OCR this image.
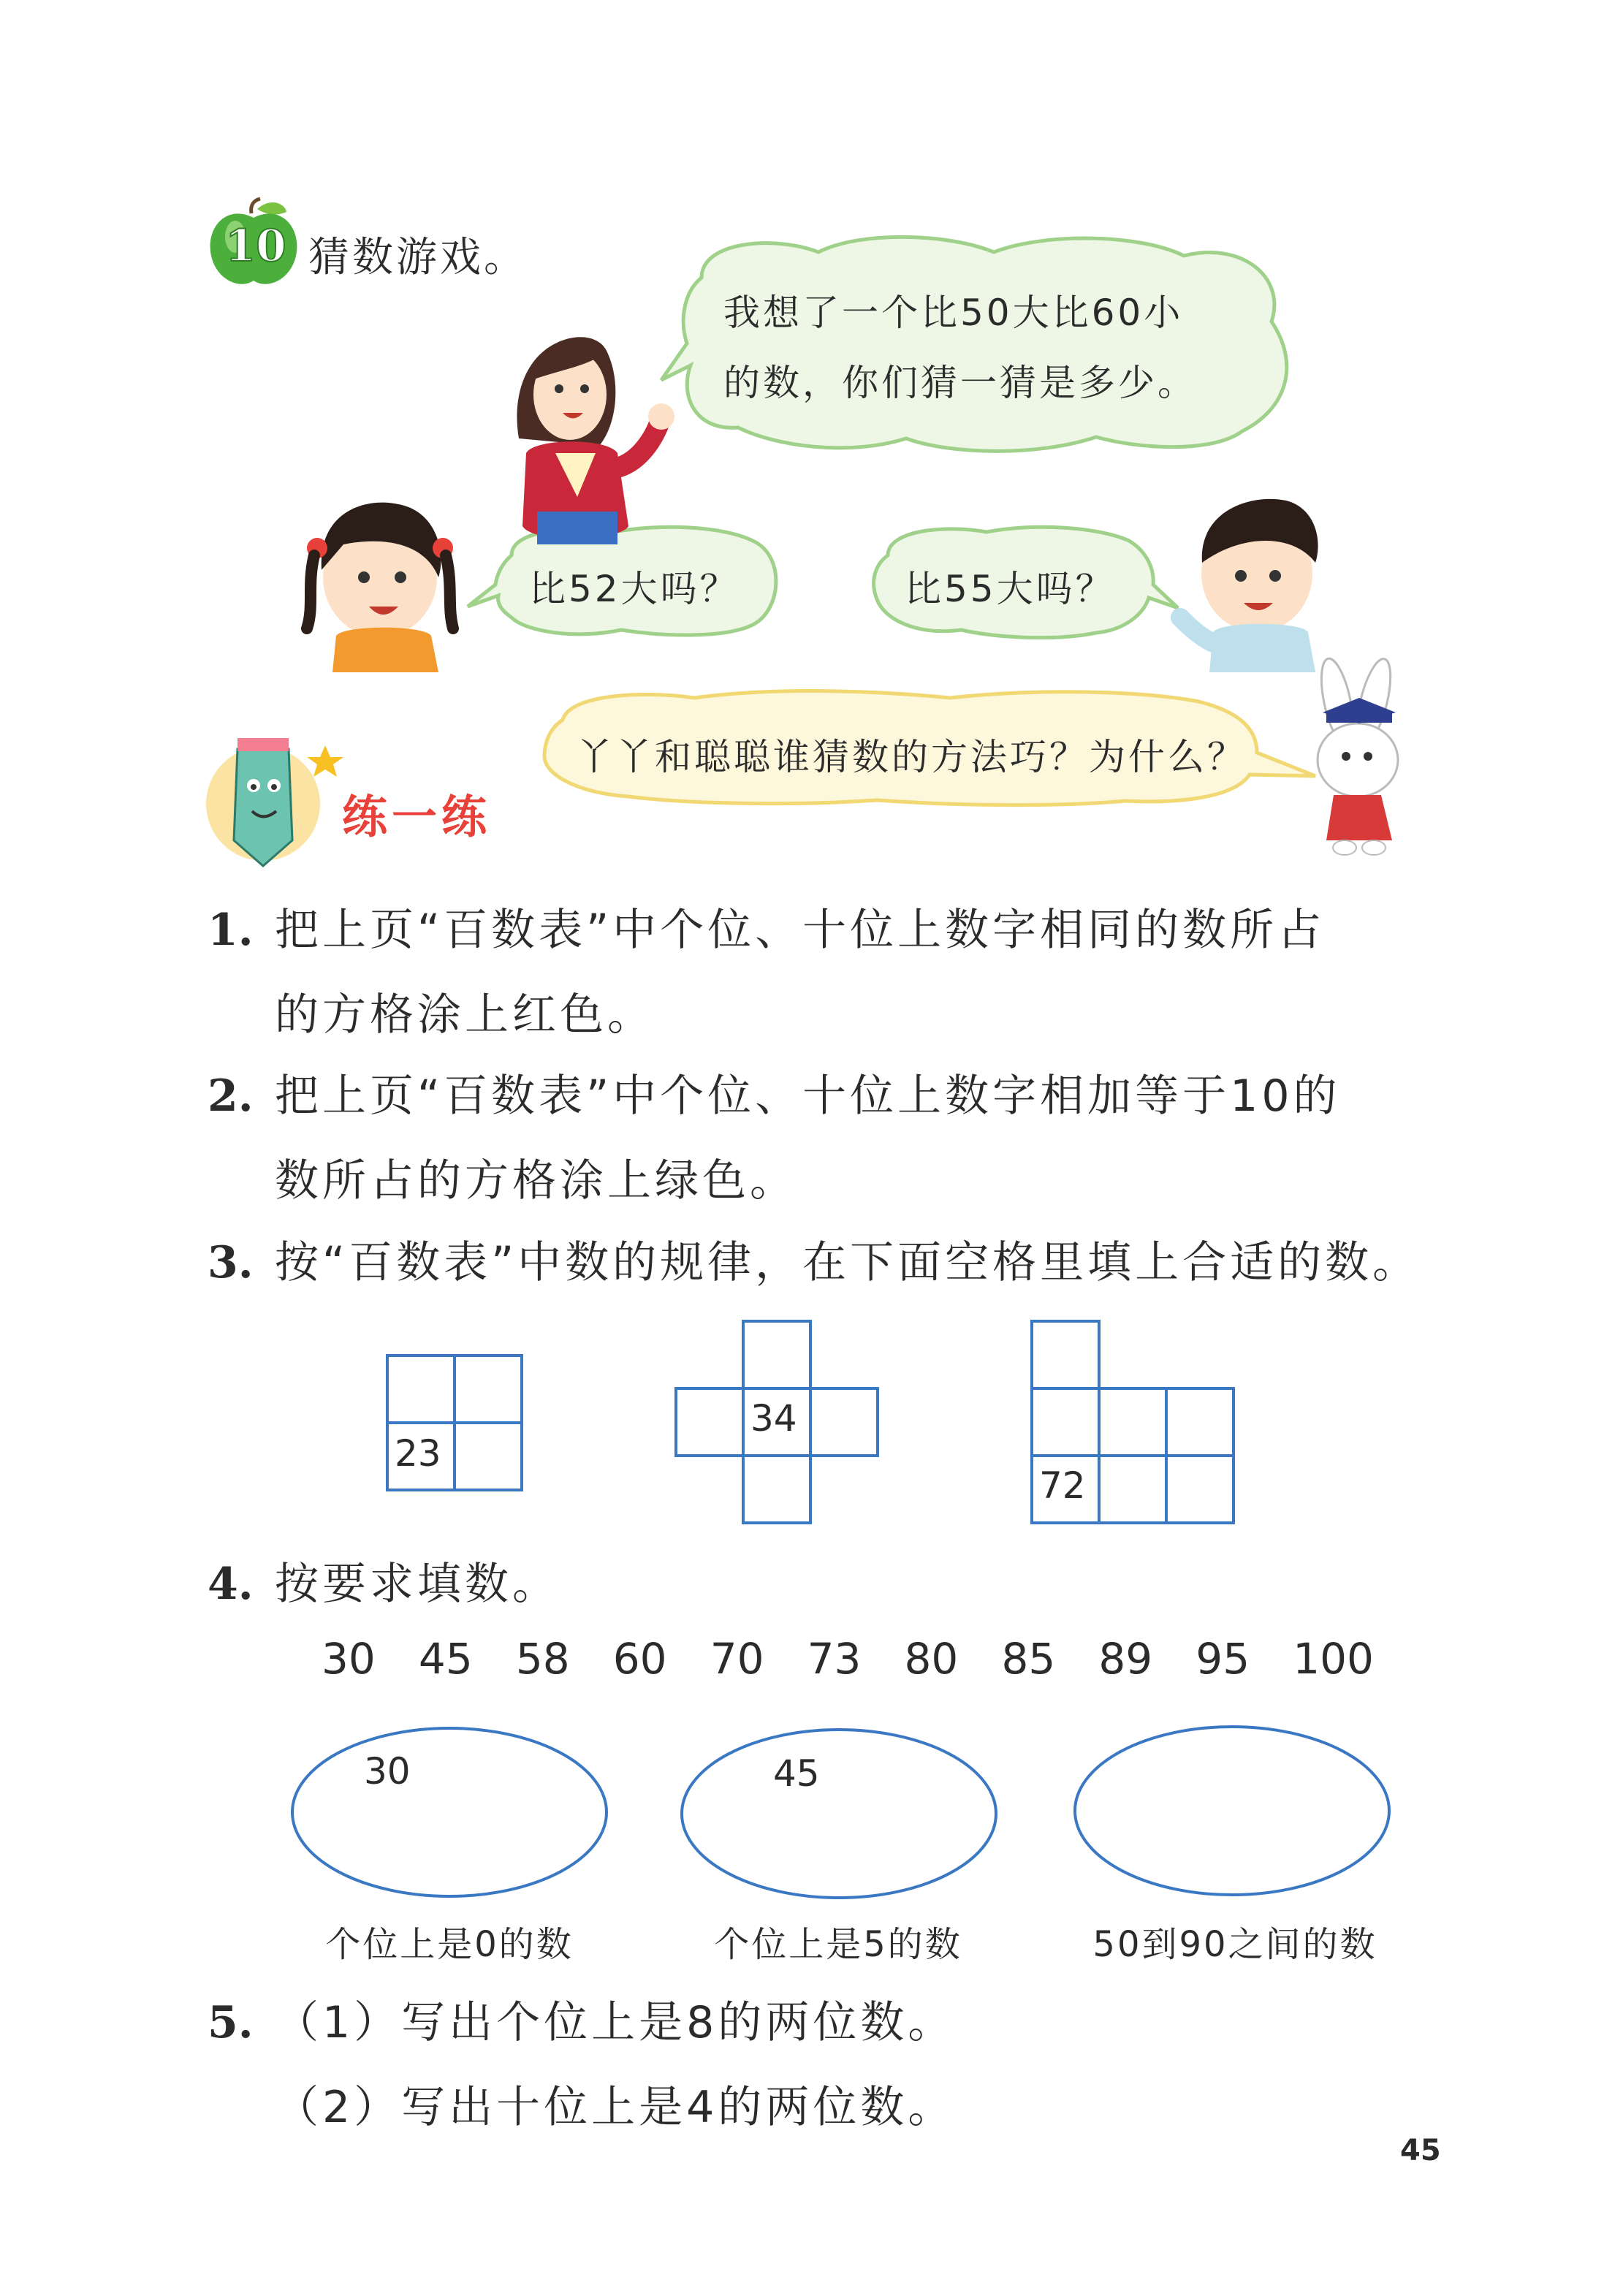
10 猜数游戏。
我想了一个比50大比60小
的数，你们猜一猜是多少。
比52大吗？	比55大吗？
丫丫和聪聪谁猜数的方法巧？为什么？
练一练
1. 把上页“百数表”中个位、十位上数字相同的数所占
的方格涂上红色。
2. 把上页“百数表”中个位、十位上数字相加等于10的
数所占的方格涂上绿色。
3. 按“百数表”中数的规律，在下面空格里填上合适的数。
23
34
72
4. 按要求填数。
30 45 58 60 70 73 80 85 89 95 100
30	45
个位上是0的数	个位上是5的数	50到90之间的数
5. （1）写出个位上是8的两位数。
（2）写出十位上是4的两位数。
45
